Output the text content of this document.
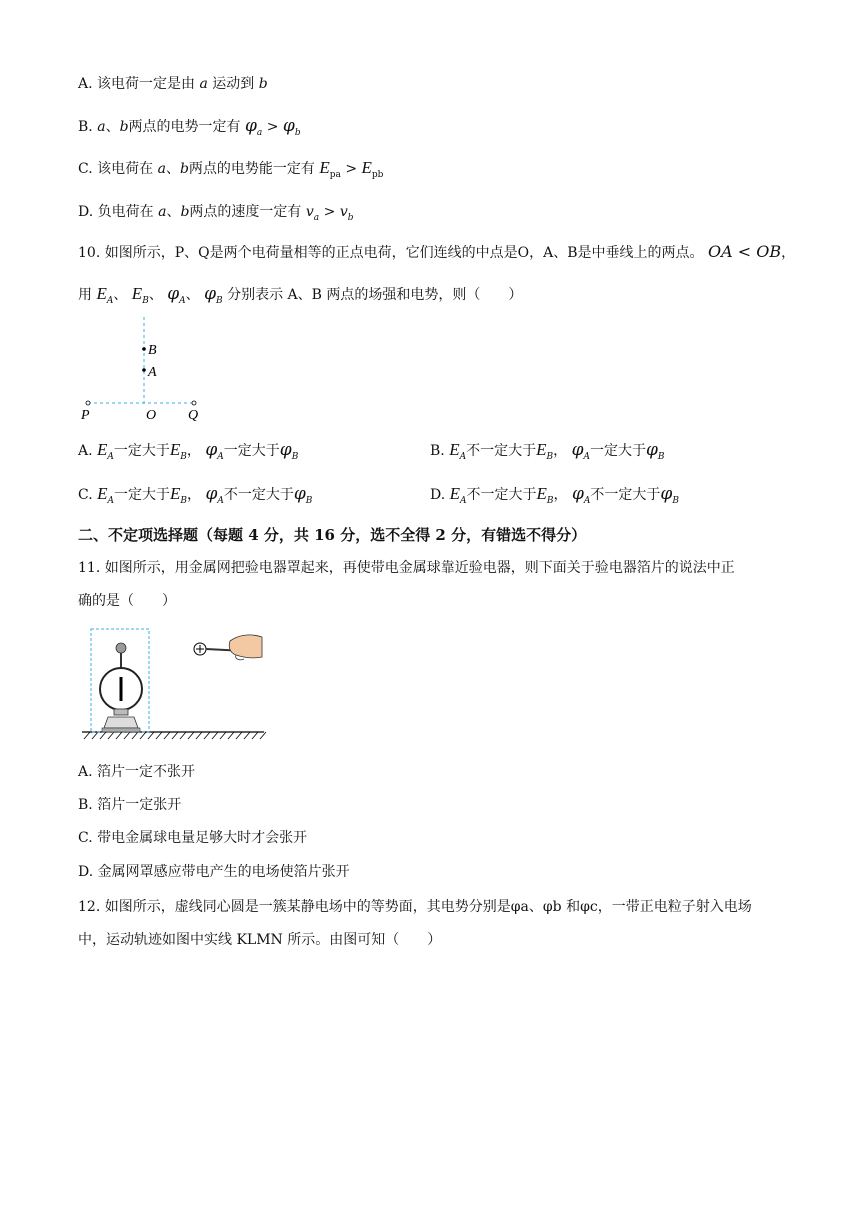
A. 该电荷一定是由 a 运动到 b
B. a、b两点的电势一定有 $\varphi_a > \varphi_b$
C. 该电荷在 a、b两点的电势能一定有 $E_{pa} > E_{pb}$
D. 负电荷在 a、b两点的速度一定有 $v_a > v_b$
10. 如图所示，P、Q是两个电荷量相等的正点电荷，它们连线的中点是O，A、B是中垂线上的两点。 OA < OB，
用 $E_A$、 $E_B$、 $\varphi_A$、 $\varphi_B$ 分别表示 A、B 两点的场强和电势，则（　　）
B
A
P	O Q
A. $E_A$一定大于$E_B$， $\varphi_A$一定大于$\varphi_B$	B. $E_A$不一定大于$E_B$， $\varphi_A$一定大于$\varphi_B$
C. $E_A$一定大于$E_B$， $\varphi_A$不一定大于$\varphi_B$	D. $E_A$不一定大于$E_B$， $\varphi_A$不一定大于$\varphi_B$
二、不定项选择题（每题 4 分，共 16 分，选不全得 2 分，有错选不得分）
11. 如图所示，用金属网把验电器罩起来，再使带电金属球靠近验电器，则下面关于验电器箔片的说法中正
确的是（　　）
A. 箔片一定不张开
B. 箔片一定张开
C. 带电金属球电量足够大时才会张开
D. 金属网罩感应带电产生的电场使箔片张开
12. 如图所示，虚线同心圆是一簇某静电场中的等势面，其电势分别是φa、φb 和φc，一带正电粒子射入电场
中，运动轨迹如图中实线 KLMN 所示。由图可知（　　）
